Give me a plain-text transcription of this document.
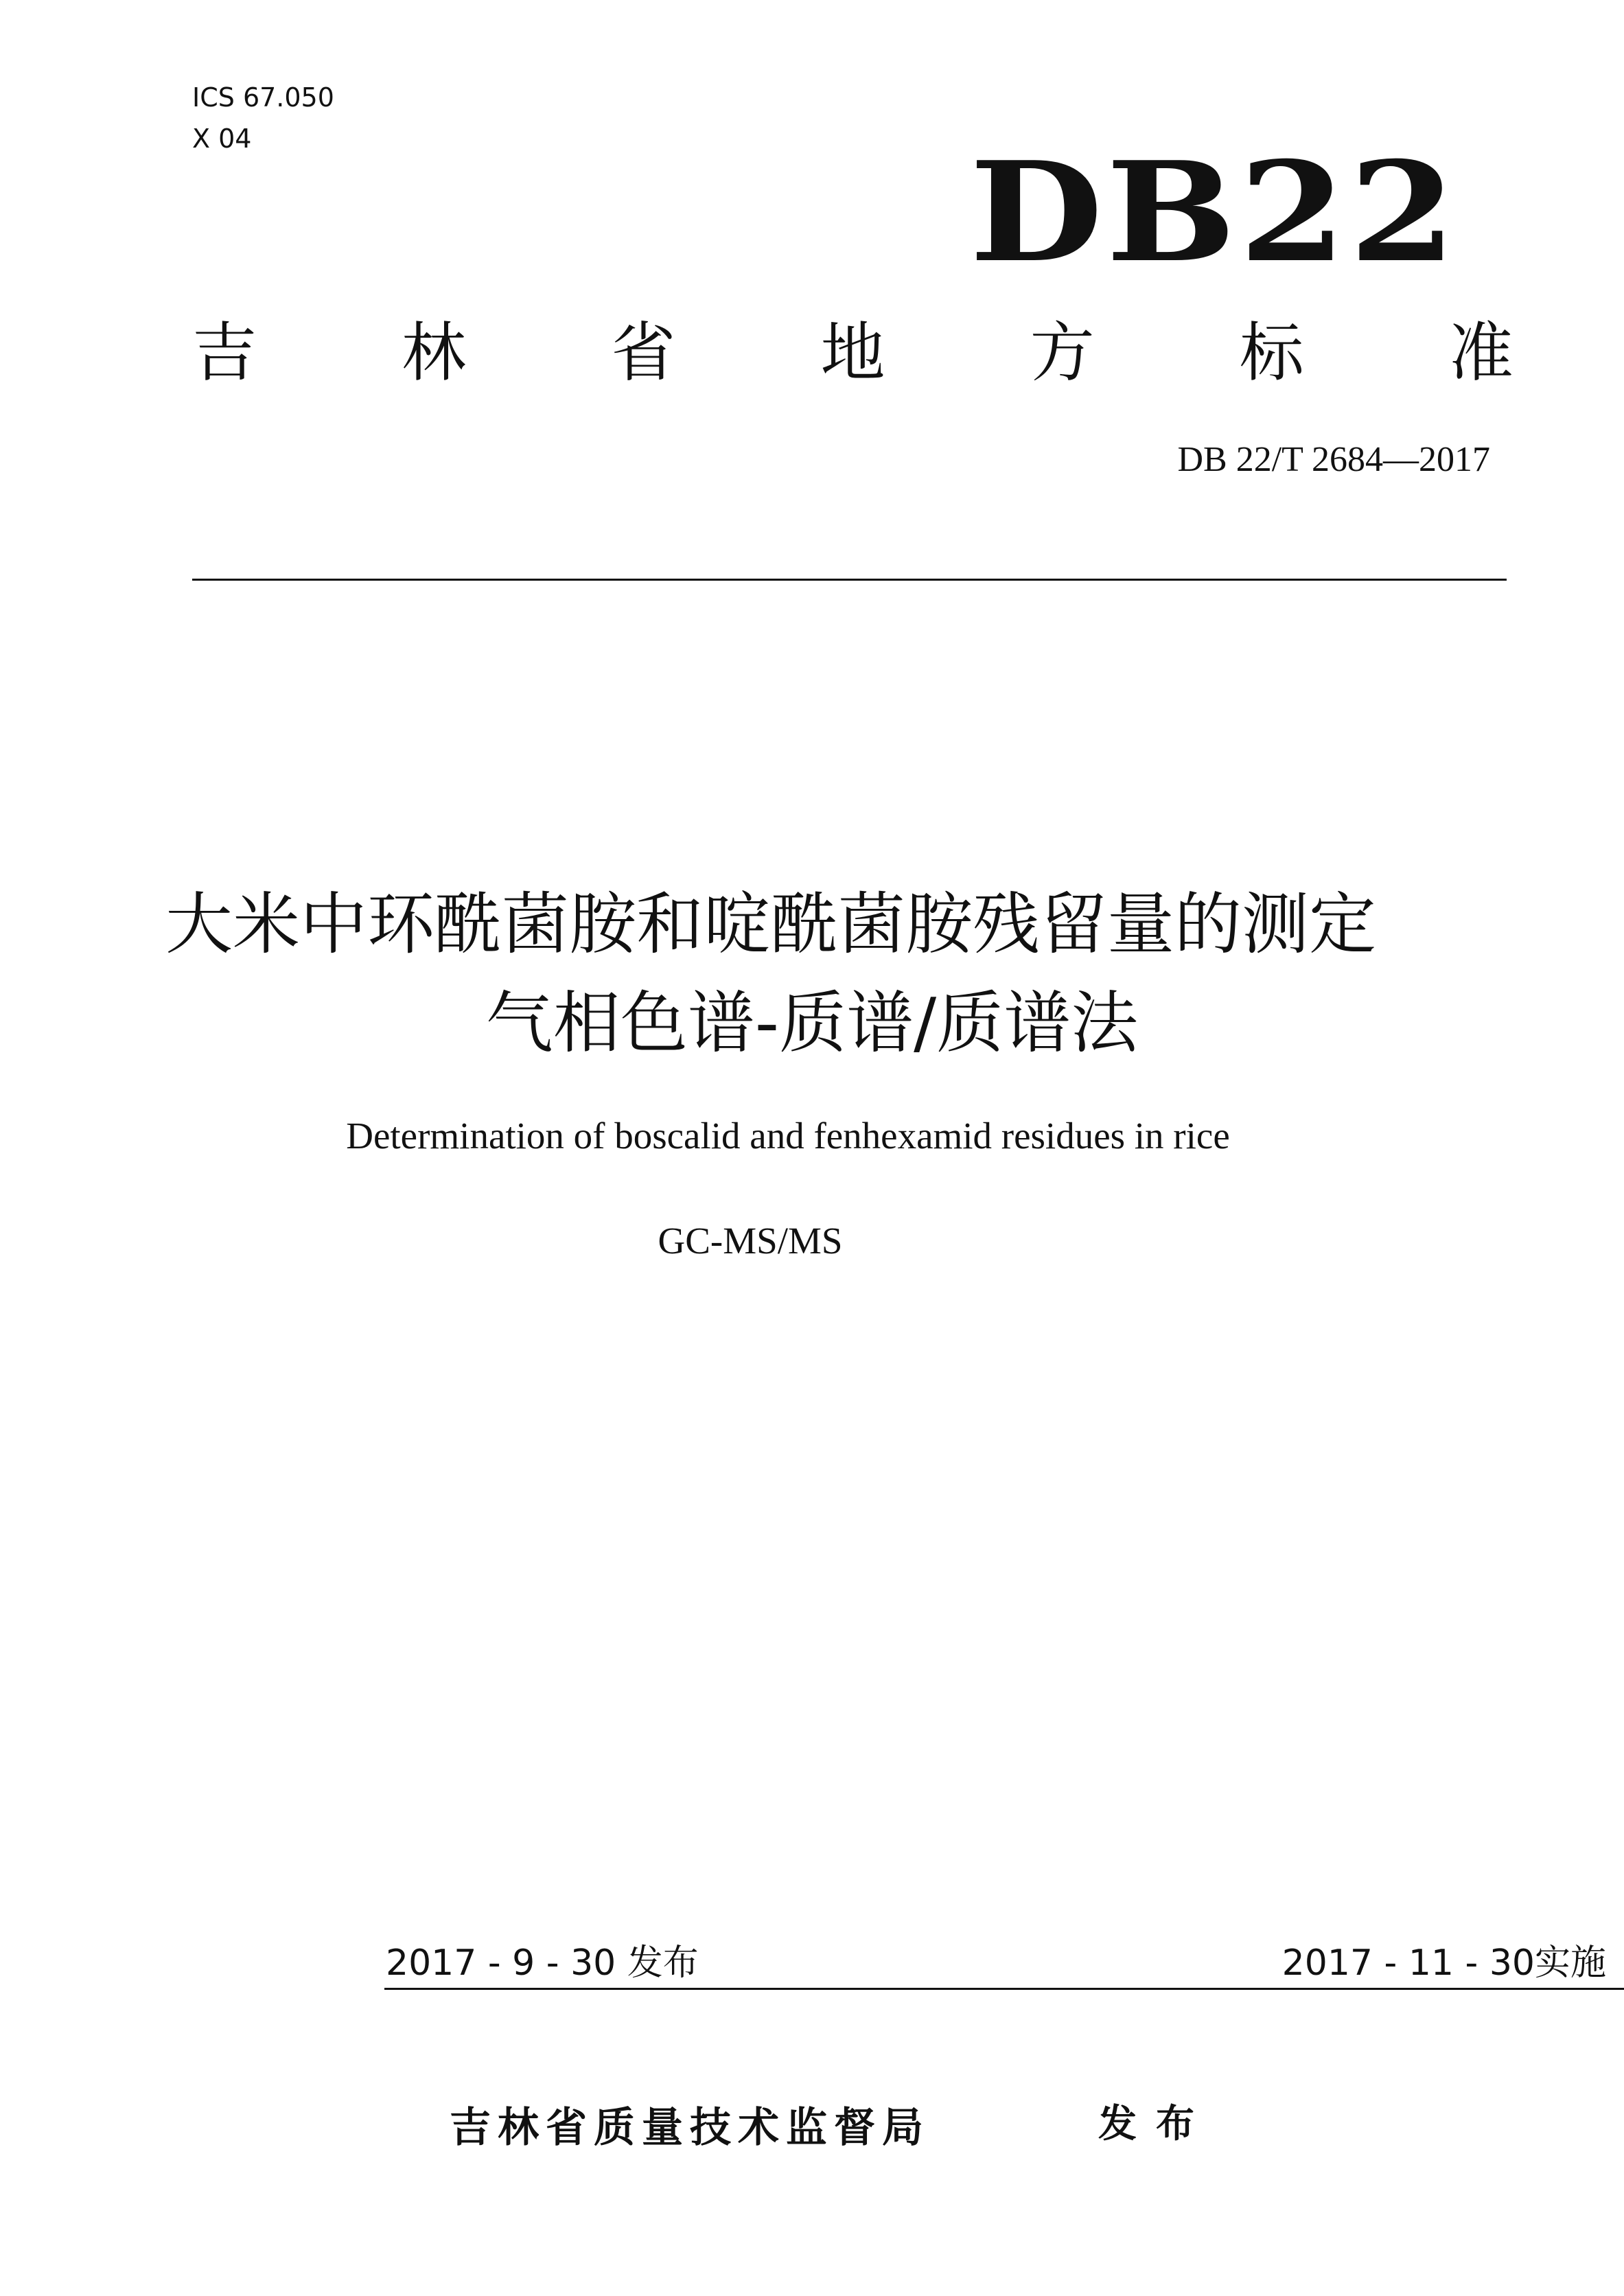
ICS 67.050
X 04	DB22
吉 林 省 地 方 标 准
DB 22/T 2684—2017
大米中环酰菌胺和啶酰菌胺残留量的测定
气相色谱-质谱/质谱法
Determination of boscalid and fenhexamid residues in rice
GC-MS/MS
2017 - 9 - 30 发布	2017 - 11 - 30实施
吉林省质量技术监督局	发布
